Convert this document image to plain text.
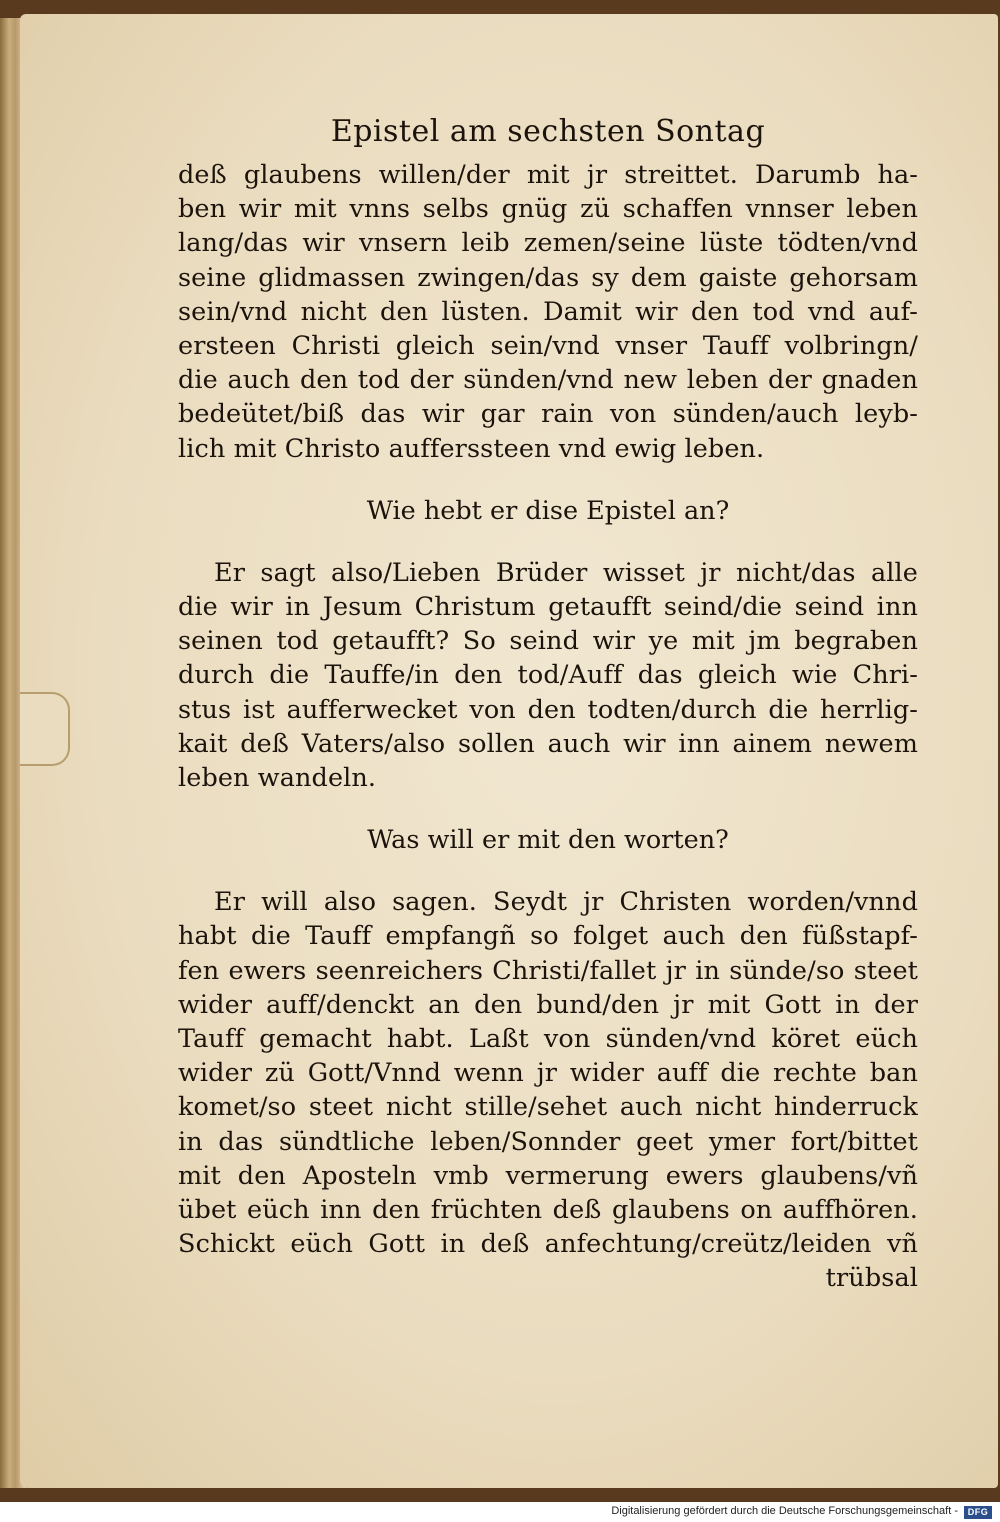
Epistel am sechsten Sontag

deß glaubens willen/der mit jr streittet. Darumb ha-

ben wir mit vnns selbs gnüg zü schaffen vnnser leben

lang/das wir vnsern leib zemen/seine lüste tödten/vnd

seine glidmassen zwingen/das sy dem gaiste gehorsam

sein/vnd nicht den lüsten. Damit wir den tod vnd auf-

ersteen Christi gleich sein/vnd vnser Tauff volbringn/

die auch den tod der sünden/vnd new leben der gnaden

bedeütet/biß das wir gar rain von sünden/auch leyb-

lich mit Christo aufferssteen vnd ewig leben.

Wie hebt er dise Epistel an?

Er sagt also/Lieben Brüder wisset jr nicht/das alle

die wir in Jesum Christum getaufft seind/die seind inn

seinen tod getaufft? So seind wir ye mit jm begraben

durch die Tauffe/in den tod/Auff das gleich wie Chri-

stus ist aufferwecket von den todten/durch die herrlig-

kait deß Vaters/also sollen auch wir inn ainem newem

leben wandeln.

Was will er mit den worten?

Er will also sagen. Seydt jr Christen worden/vnnd

habt die Tauff empfangñ so folget auch den füßstapf-

fen ewers seenreichers Christi/fallet jr in sünde/so steet

wider auff/denckt an den bund/den jr mit Gott in der

Tauff gemacht habt. Laßt von sünden/vnd köret eüch

wider zü Gott/Vnnd wenn jr wider auff die rechte ban

komet/so steet nicht stille/sehet auch nicht hinderruck

in das sündtliche leben/Sonnder geet ymer fort/bittet

mit den Aposteln vmb vermerung ewers glaubens/vñ

übet eüch inn den früchten deß glaubens on auffhören.

Schickt eüch Gott in deß anfechtung/creütz/leiden vñ

trübsal

Digitalisierung gefördert durch die Deutsche Forschungsgemeinschaft -	DFG
